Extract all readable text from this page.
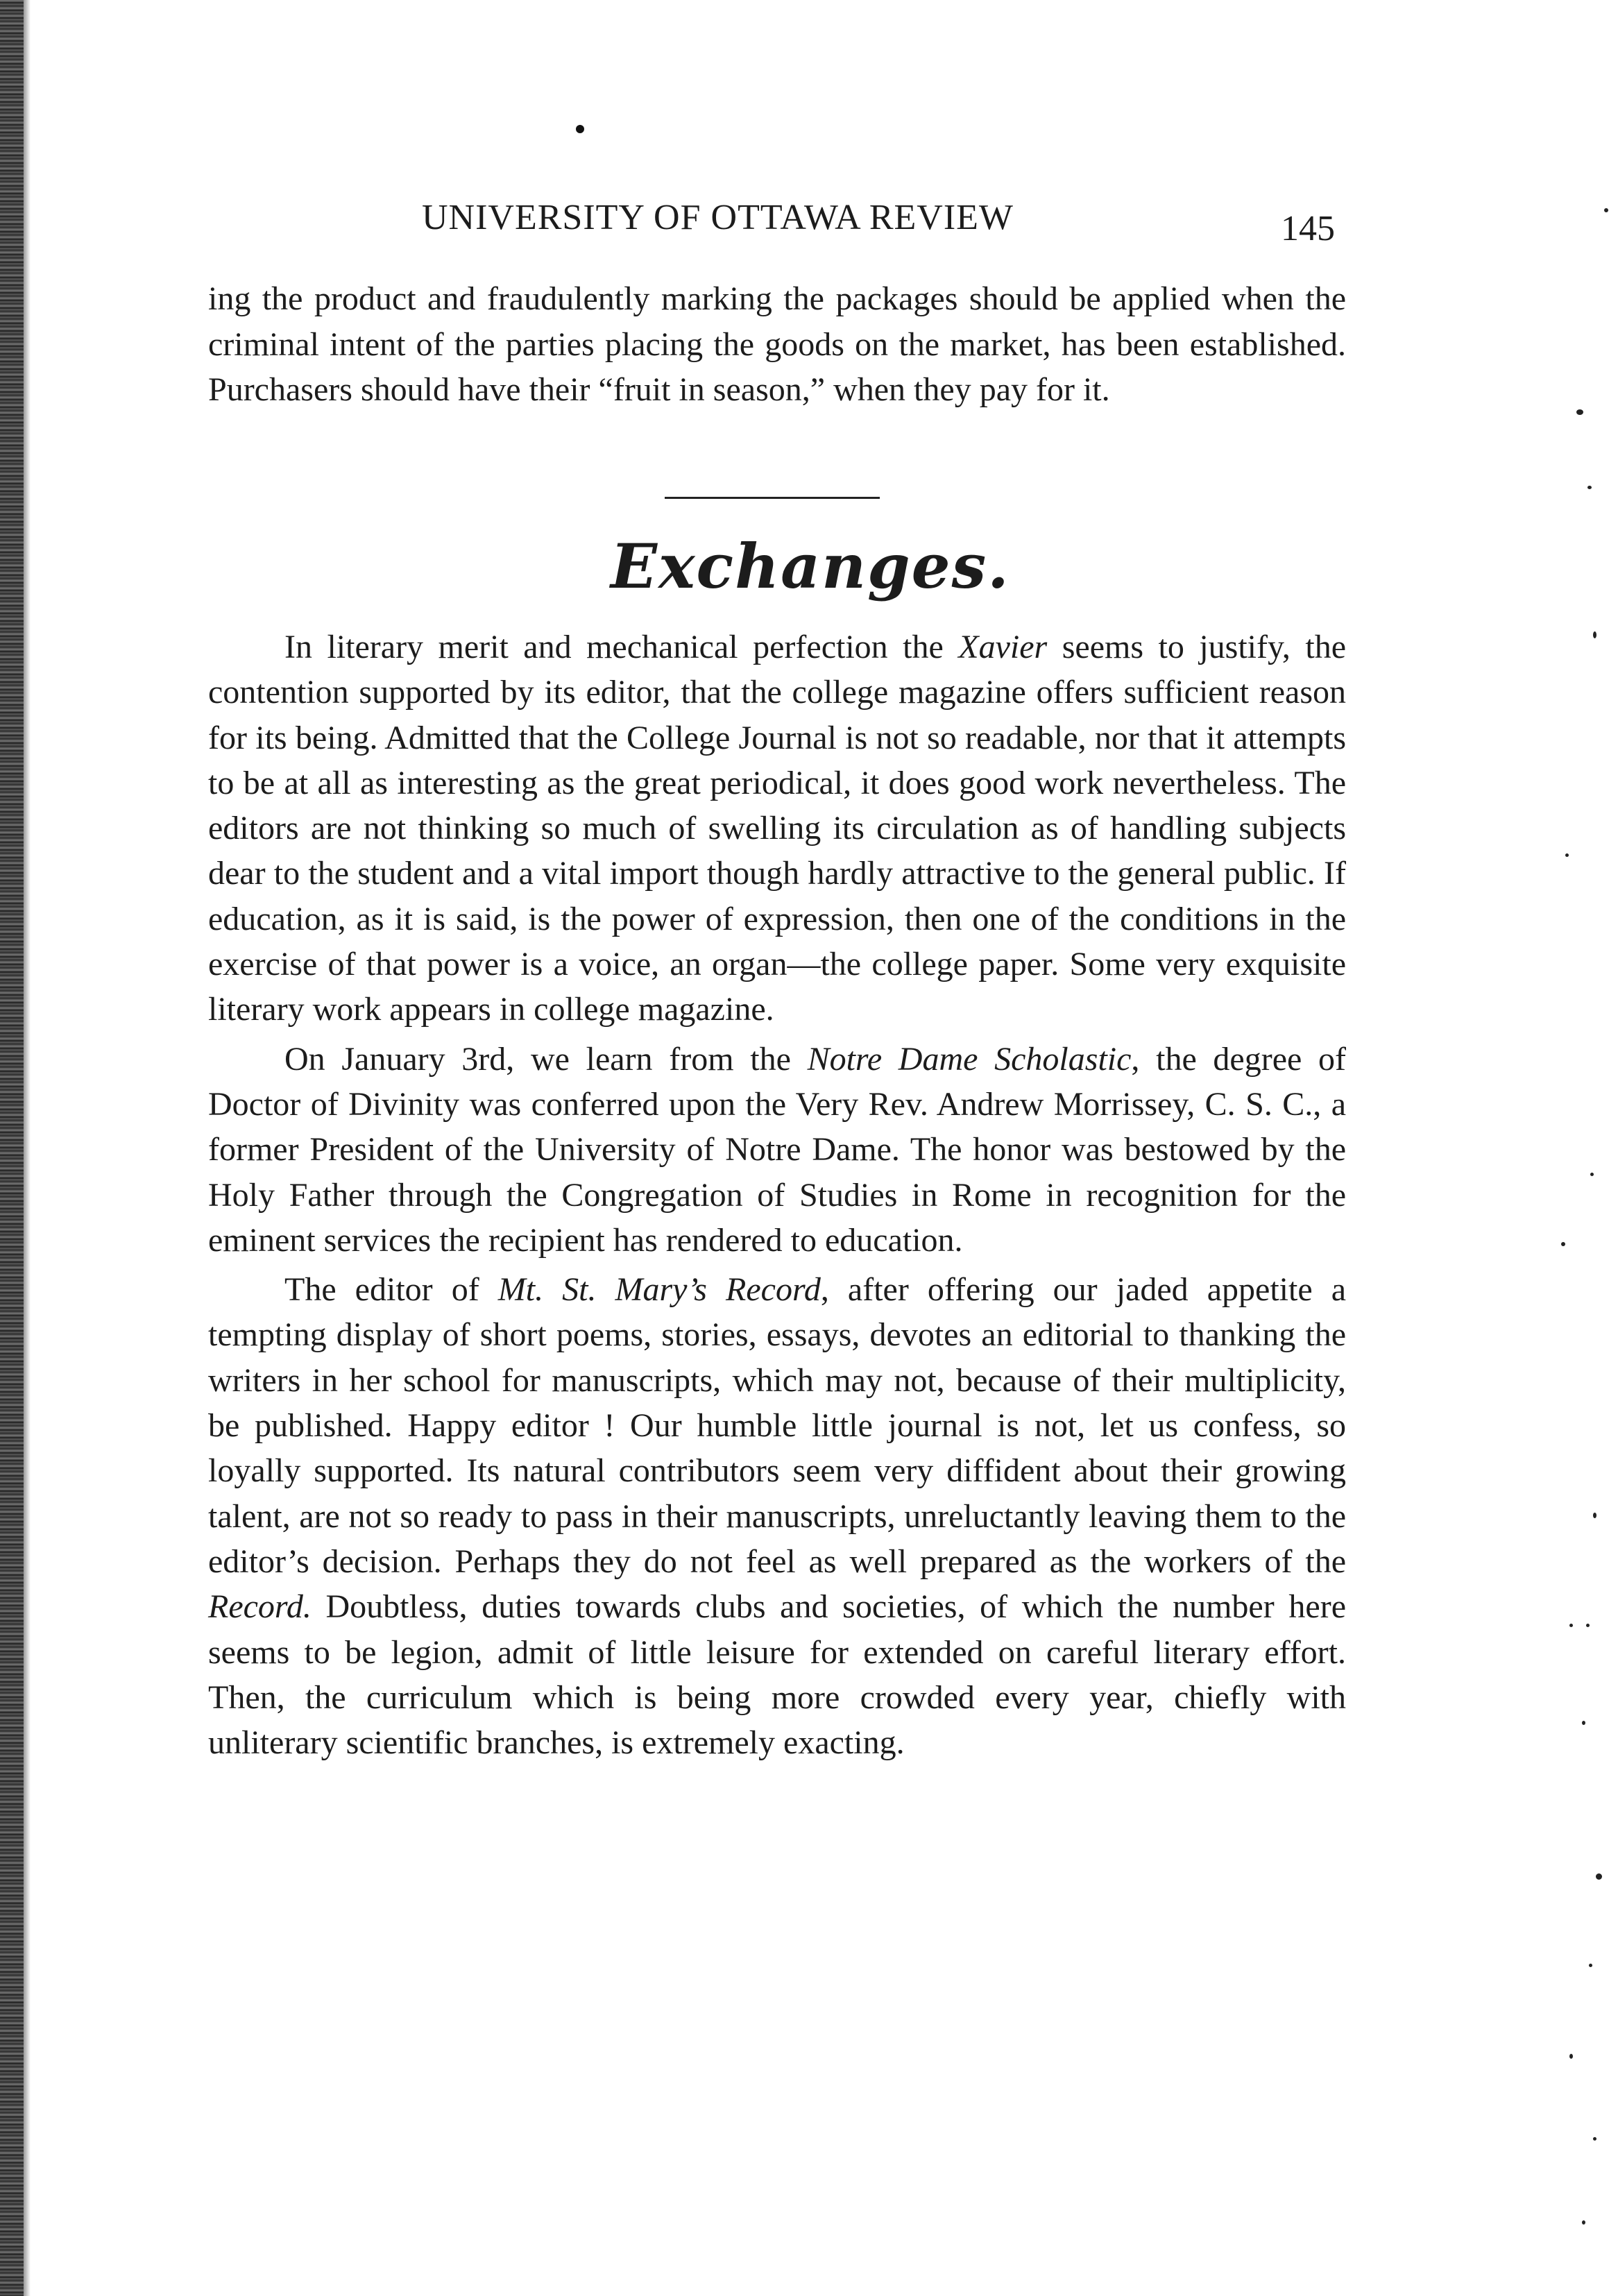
UNIVERSITY OF OTTAWA REVIEW	145

ing the product and fraudulently marking the packages should be applied when the criminal intent of the parties placing the goods on the market, has been established. Purchasers should have their “fruit in season,” when they pay for it.

Exchanges.

In literary merit and mechanical perfection the Xavier seems to justify, the contention supported by its editor, that the college magazine offers sufficient reason for its being. Admitted that the College Journal is not so readable, nor that it attempts to be at all as interesting as the great periodical, it does good work nevertheless. The editors are not thinking so much of swelling its circulation as of handling subjects dear to the student and a vital import though hardly attractive to the general public. If education, as it is said, is the power of expression, then one of the conditions in the exercise of that power is a voice, an organ—the college paper. Some very exquisite literary work appears in college magazine.

On January 3rd, we learn from the Notre Dame Scholastic, the degree of Doctor of Divinity was conferred upon the Very Rev. Andrew Morrissey, C. S. C., a former President of the University of Notre Dame. The honor was bestowed by the Holy Father through the Congregation of Studies in Rome in recognition for the eminent services the recipient has rendered to education.

The editor of Mt. St. Mary’s Record, after offering our jaded appetite a tempting display of short poems, stories, essays, devotes an editorial to thanking the writers in her school for manuscripts, which may not, because of their multiplicity, be published. Happy editor ! Our humble little journal is not, let us confess, so loyally supported. Its natural contributors seem very diffident about their growing talent, are not so ready to pass in their manuscripts, unreluctantly leaving them to the editor’s decision. Perhaps they do not feel as well prepared as the workers of the Record. Doubtless, duties towards clubs and societies, of which the number here seems to be legion, admit of little leisure for extended on careful literary effort. Then, the curriculum which is being more crowded every year, chiefly with unliterary scientific branches, is extremely exacting.
